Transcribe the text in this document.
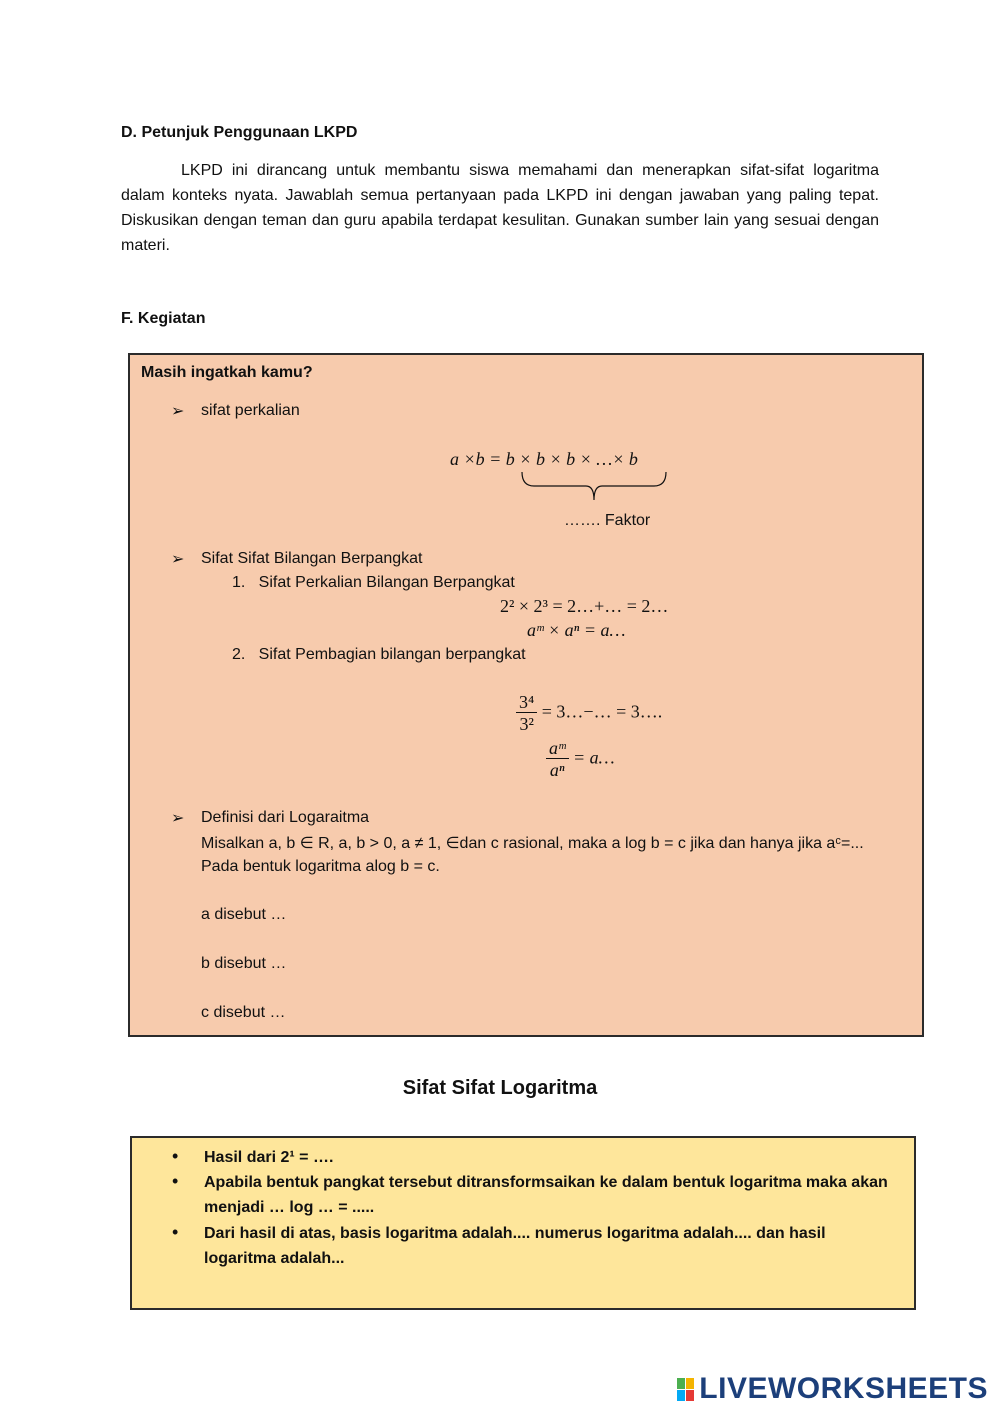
D. Petunjuk Penggunaan LKPD
LKPD ini dirancang untuk membantu siswa memahami dan menerapkan sifat-sifat logaritma dalam konteks nyata. Jawablah semua pertanyaan pada LKPD ini dengan jawaban yang paling tepat. Diskusikan dengan teman dan guru apabila terdapat kesulitan. Gunakan sumber lain yang sesuai dengan materi.
F. Kegiatan
Masih ingatkah kamu?
➢ sifat perkalian
a ×b = b × b × b × …× b
……. Faktor
➢ Sifat Sifat Bilangan Berpangkat
1.   Sifat Perkalian Bilangan Berpangkat
2² × 2³ = 2…+… = 2…
aᵐ × aⁿ = a…
2.   Sifat Pembagian bilangan berpangkat
$\frac{\text{3⁴}}{\text{3²}}$ = 3…−… = 3….
$\frac{\text{aᵐ}}{\text{aⁿ}}$ = a…
➢ Definisi dari Logaraitma
Misalkan a, b ∈ R, a, b > 0, a ≠ 1, ∈dan c rasional, maka a log b = c jika dan hanya jika aᶜ=...
Pada bentuk logaritma alog b = c.
a disebut …
b disebut …
c disebut …
Sifat Sifat Logaritma
• Hasil dari 2¹ = ….
• Apabila bentuk pangkat tersebut ditransformsaikan ke dalam bentuk logaritma maka akan
menjadi … log … = .....
• Dari hasil di atas, basis logaritma adalah.... numerus logaritma adalah.... dan hasil
logaritma adalah...
LIVEWORKSHEETS
